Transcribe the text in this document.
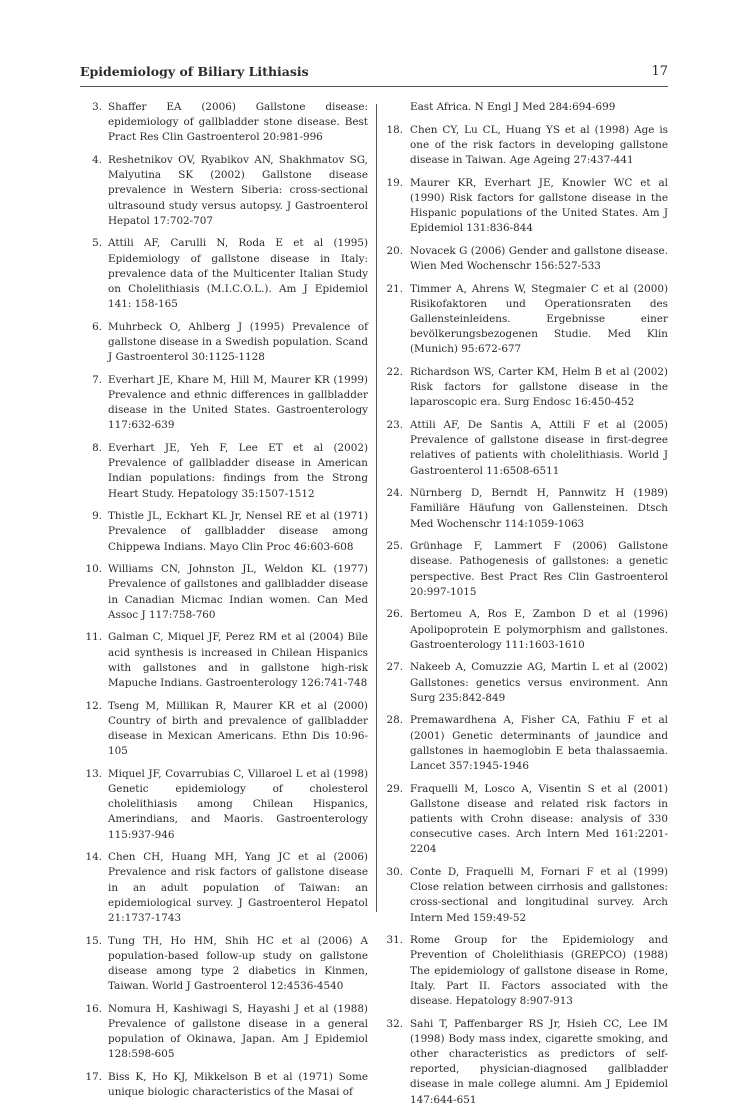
Epidemiology of Biliary Lithiasis	17
3. Shaffer EA (2006) Gallstone disease: epidemiology of gallbladder stone disease. Best Pract Res Clin Gastroenterol 20:981-996
4. Reshetnikov OV, Ryabikov AN, Shakhmatov SG, Malyutina SK (2002) Gallstone disease prevalence in Western Siberia: cross-sectional ultrasound study versus autopsy. J Gastroenterol Hepatol 17:702-707
5. Attili AF, Carulli N, Roda E et al (1995) Epidemiology of gallstone disease in Italy: prevalence data of the Multicenter Italian Study on Cholelithiasis (M.I.C.O.L.). Am J Epidemiol 141: 158-165
6. Muhrbeck O, Ahlberg J (1995) Prevalence of gallstone disease in a Swedish population. Scand J Gastroenterol 30:1125-1128
7. Everhart JE, Khare M, Hill M, Maurer KR (1999) Prevalence and ethnic differences in gallbladder disease in the United States. Gastroenterology 117:632-639
8. Everhart JE, Yeh F, Lee ET et al (2002) Prevalence of gallbladder disease in American Indian populations: findings from the Strong Heart Study. Hepatology 35:1507-1512
9. Thistle JL, Eckhart KL Jr, Nensel RE et al (1971) Prevalence of gallbladder disease among Chippewa Indians. Mayo Clin Proc 46:603-608
10. Williams CN, Johnston JL, Weldon KL (1977) Prevalence of gallstones and gallbladder disease in Canadian Micmac Indian women. Can Med Assoc J 117:758-760
11. Galman C, Miquel JF, Perez RM et al (2004) Bile acid synthesis is increased in Chilean Hispanics with gallstones and in gallstone high-risk Mapuche Indians. Gastroenterology 126:741-748
12. Tseng M, Millikan R, Maurer KR et al (2000) Country of birth and prevalence of gallbladder disease in Mexican Americans. Ethn Dis 10:96-105
13. Miquel JF, Covarrubias C, Villaroel L et al (1998) Genetic epidemiology of cholesterol cholelithiasis among Chilean Hispanics, Amerindians, and Maoris. Gastroenterology 115:937-946
14. Chen CH, Huang MH, Yang JC et al (2006) Prevalence and risk factors of gallstone disease in an adult population of Taiwan: an epidemiological survey. J Gastroenterol Hepatol 21:1737-1743
15. Tung TH, Ho HM, Shih HC et al (2006) A population-based follow-up study on gallstone disease among type 2 diabetics in Kinmen, Taiwan. World J Gastroenterol 12:4536-4540
16. Nomura H, Kashiwagi S, Hayashi J et al (1988) Prevalence of gallstone disease in a general population of Okinawa, Japan. Am J Epidemiol 128:598-605
17. Biss K, Ho KJ, Mikkelson B et al (1971) Some unique biologic characteristics of the Masai of
East Africa. N Engl J Med 284:694-699
18. Chen CY, Lu CL, Huang YS et al (1998) Age is one of the risk factors in developing gallstone disease in Taiwan. Age Ageing 27:437-441
19. Maurer KR, Everhart JE, Knowler WC et al (1990) Risk factors for gallstone disease in the Hispanic populations of the United States. Am J Epidemiol 131:836-844
20. Novacek G (2006) Gender and gallstone disease. Wien Med Wochenschr 156:527-533
21. Timmer A, Ahrens W, Stegmaier C et al (2000) Risikofaktoren und Operationsraten des Gallensteinleidens. Ergebnisse einer bevölkerungsbezogenen Studie. Med Klin (Munich) 95:672-677
22. Richardson WS, Carter KM, Helm B et al (2002) Risk factors for gallstone disease in the laparoscopic era. Surg Endosc 16:450-452
23. Attili AF, De Santis A, Attili F et al (2005) Prevalence of gallstone disease in first-degree relatives of patients with cholelithiasis. World J Gastroenterol 11:6508-6511
24. Nürnberg D, Berndt H, Pannwitz H (1989) Familiäre Häufung von Gallensteinen. Dtsch Med Wochenschr 114:1059-1063
25. Grünhage F, Lammert F (2006) Gallstone disease. Pathogenesis of gallstones: a genetic perspective. Best Pract Res Clin Gastroenterol 20:997-1015
26. Bertomeu A, Ros E, Zambon D et al (1996) Apolipoprotein E polymorphism and gallstones. Gastroenterology 111:1603-1610
27. Nakeeb A, Comuzzie AG, Martin L et al (2002) Gallstones: genetics versus environment. Ann Surg 235:842-849
28. Premawardhena A, Fisher CA, Fathiu F et al (2001) Genetic determinants of jaundice and gallstones in haemoglobin E beta thalassaemia. Lancet 357:1945-1946
29. Fraquelli M, Losco A, Visentin S et al (2001) Gallstone disease and related risk factors in patients with Crohn disease: analysis of 330 consecutive cases. Arch Intern Med 161:2201-2204
30. Conte D, Fraquelli M, Fornari F et al (1999) Close relation between cirrhosis and gallstones: cross-sectional and longitudinal survey. Arch Intern Med 159:49-52
31. Rome Group for the Epidemiology and Prevention of Cholelithiasis (GREPCO) (1988) The epidemiology of gallstone disease in Rome, Italy. Part II. Factors associated with the disease. Hepatology 8:907-913
32. Sahi T, Paffenbarger RS Jr, Hsieh CC, Lee IM (1998) Body mass index, cigarette smoking, and other characteristics as predictors of self-reported, physician-diagnosed gallbladder disease in male college alumni. Am J Epidemiol 147:644-651
